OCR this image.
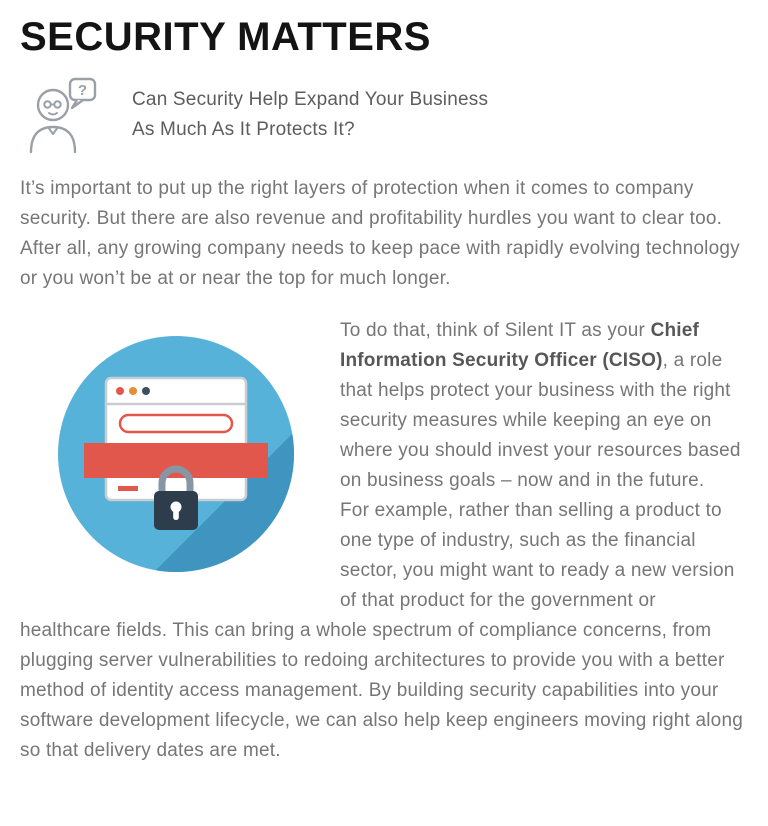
SECURITY MATTERS
? Can Security Help Expand Your Business
As Much As It Protects It?

It’s important to put up the right layers of protection when it comes to company security. But there are also revenue and profitability hurdles you want to clear too. After all, any growing company needs to keep pace with rapidly evolving technology or you won’t be at or near the top for much longer.

To do that, think of Silent IT as your Chief Information Security Officer (CISO), a role that helps protect your business with the right security measures while keeping an eye on where you should invest your resources based on business goals – now and in the future.

For example, rather than selling a product to one type of industry, such as the financial sector, you might want to ready a new version of that product for the government or healthcare fields. This can bring a whole spectrum of compliance concerns, from plugging server vulnerabilities to redoing architectures to provide you with a better method of identity access management. By building security capabilities into your software development lifecycle, we can also help keep engineers moving right along so that delivery dates are met.
